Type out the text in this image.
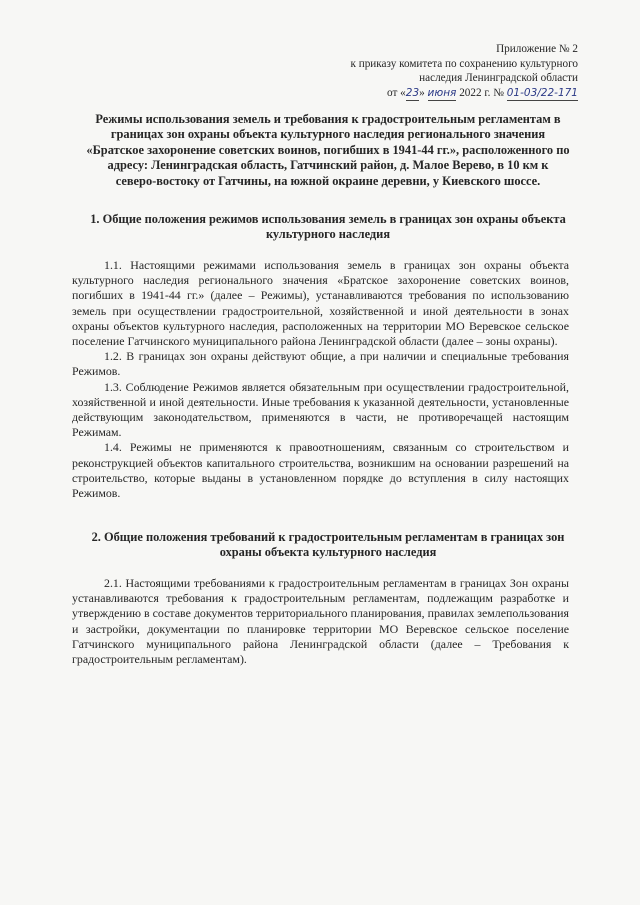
Приложение № 2
к приказу комитета по сохранению культурного
наследия Ленинградской области
от «23» июня 2022 г. № 01-03/22-171
Режимы использования земель и требования к градостроительным регламентам в границах зон охраны объекта культурного наследия регионального значения «Братское захоронение советских воинов, погибших в 1941-44 гг.», расположенного по адресу: Ленинградская область, Гатчинский район, д. Малое Верево, в 10 км к северо-востоку от Гатчины, на южной окраине деревни, у Киевского шоссе.
1. Общие положения режимов использования земель в границах зон охраны объекта культурного наследия

1.1. Настоящими режимами использования земель в границах зон охраны объекта культурного наследия регионального значения «Братское захоронение советских воинов, погибших в 1941-44 гг.» (далее – Режимы), устанавливаются требования по использованию земель при осуществлении градостроительной, хозяйственной и иной деятельности в зонах охраны объектов культурного наследия, расположенных на территории МО Веревское сельское поселение Гатчинского муниципального района Ленинградской области (далее – зоны охраны).

1.2. В границах зон охраны действуют общие, а при наличии и специальные требования Режимов.

1.3. Соблюдение Режимов является обязательным при осуществлении градостроительной, хозяйственной и иной деятельности. Иные требования к указанной деятельности, установленные действующим законодательством, применяются в части, не противоречащей настоящим Режимам.

1.4. Режимы не применяются к правоотношениям, связанным со строительством и реконструкцией объектов капитального строительства, возникшим на основании разрешений на строительство, которые выданы в установленном порядке до вступления в силу настоящих Режимов.

2. Общие положения требований к градостроительным регламентам в границах зон охраны объекта культурного наследия

2.1. Настоящими требованиями к градостроительным регламентам в границах Зон охраны устанавливаются требования к градостроительным регламентам, подлежащим разработке и утверждению в составе документов территориального планирования, правилах землепользования и застройки, документации по планировке территории МО Веревское сельское поселение Гатчинского муниципального района Ленинградской области (далее – Требования к градостроительным регламентам).
